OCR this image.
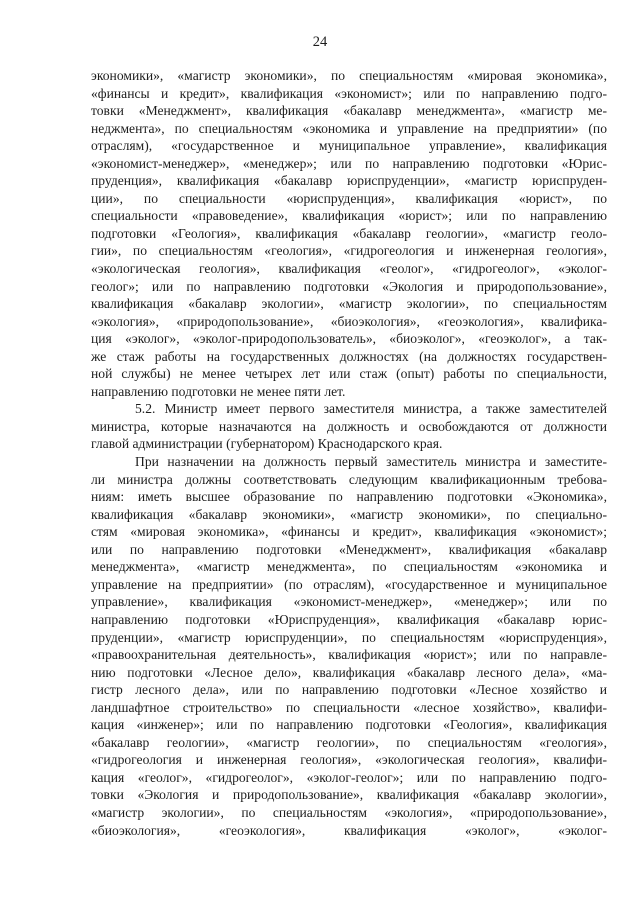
24
экономики», «магистр экономики», по специальностям «мировая экономика»,
«финансы и кредит», квалификация «экономист»; или по направлению подго-
товки «Менеджмент», квалификация «бакалавр менеджмента», «магистр ме-
неджмента», по специальностям «экономика и управление на предприятии» (по
отраслям), «государственное и муниципальное управление», квалификация
«экономист-менеджер», «менеджер»; или по направлению подготовки «Юрис-
пруденция», квалификация «бакалавр юриспруденции», «магистр юриспруден-
ции», по специальности «юриспруденция», квалификация «юрист», по
специальности «правоведение», квалификация «юрист»; или по направлению
подготовки «Геология», квалификация «бакалавр геологии», «магистр геоло-
гии», по специальностям «геология», «гидрогеология и инженерная геология»,
«экологическая геология», квалификация «геолог», «гидрогеолог», «эколог-
геолог»; или по направлению подготовки «Экология и природопользование»,
квалификация «бакалавр экологии», «магистр экологии», по специальностям
«экология», «природопользование», «биоэкология», «геоэкология», квалифика-
ция «эколог», «эколог-природопользователь», «биоэколог», «геоэколог», а так-
же стаж работы на государственных должностях (на должностях государствен-
ной службы) не менее четырех лет или стаж (опыт) работы по специальности,
направлению подготовки не менее пяти лет.
5.2. Министр имеет первого заместителя министра, а также заместителей
министра, которые назначаются на должность и освобождаются от должности
главой администрации (губернатором) Краснодарского края.
При назначении на должность первый заместитель министра и заместите-
ли министра должны соответствовать следующим квалификационным требова-
ниям: иметь высшее образование по направлению подготовки «Экономика»,
квалификация «бакалавр экономики», «магистр экономики», по специально-
стям «мировая экономика», «финансы и кредит», квалификация «экономист»;
или по направлению подготовки «Менеджмент», квалификация «бакалавр
менеджмента», «магистр менеджмента», по специальностям «экономика и
управление на предприятии» (по отраслям), «государственное и муниципальное
управление», квалификация «экономист-менеджер», «менеджер»; или по
направлению подготовки «Юриспруденция», квалификация «бакалавр юрис-
пруденции», «магистр юриспруденции», по специальностям «юриспруденция»,
«правоохранительная деятельность», квалификация «юрист»; или по направле-
нию подготовки «Лесное дело», квалификация «бакалавр лесного дела», «ма-
гистр лесного дела», или по направлению подготовки «Лесное хозяйство и
ландшафтное строительство» по специальности «лесное хозяйство», квалифи-
кация «инженер»; или по направлению подготовки «Геология», квалификация
«бакалавр геологии», «магистр геологии», по специальностям «геология»,
«гидрогеология и инженерная геология», «экологическая геология», квалифи-
кация «геолог», «гидрогеолог», «эколог-геолог»; или по направлению подго-
товки «Экология и природопользование», квалификация «бакалавр экологии»,
«магистр экологии», по специальностям «экология», «природопользование»,
«биоэкология», «геоэкология», квалификация «эколог», «эколог-
